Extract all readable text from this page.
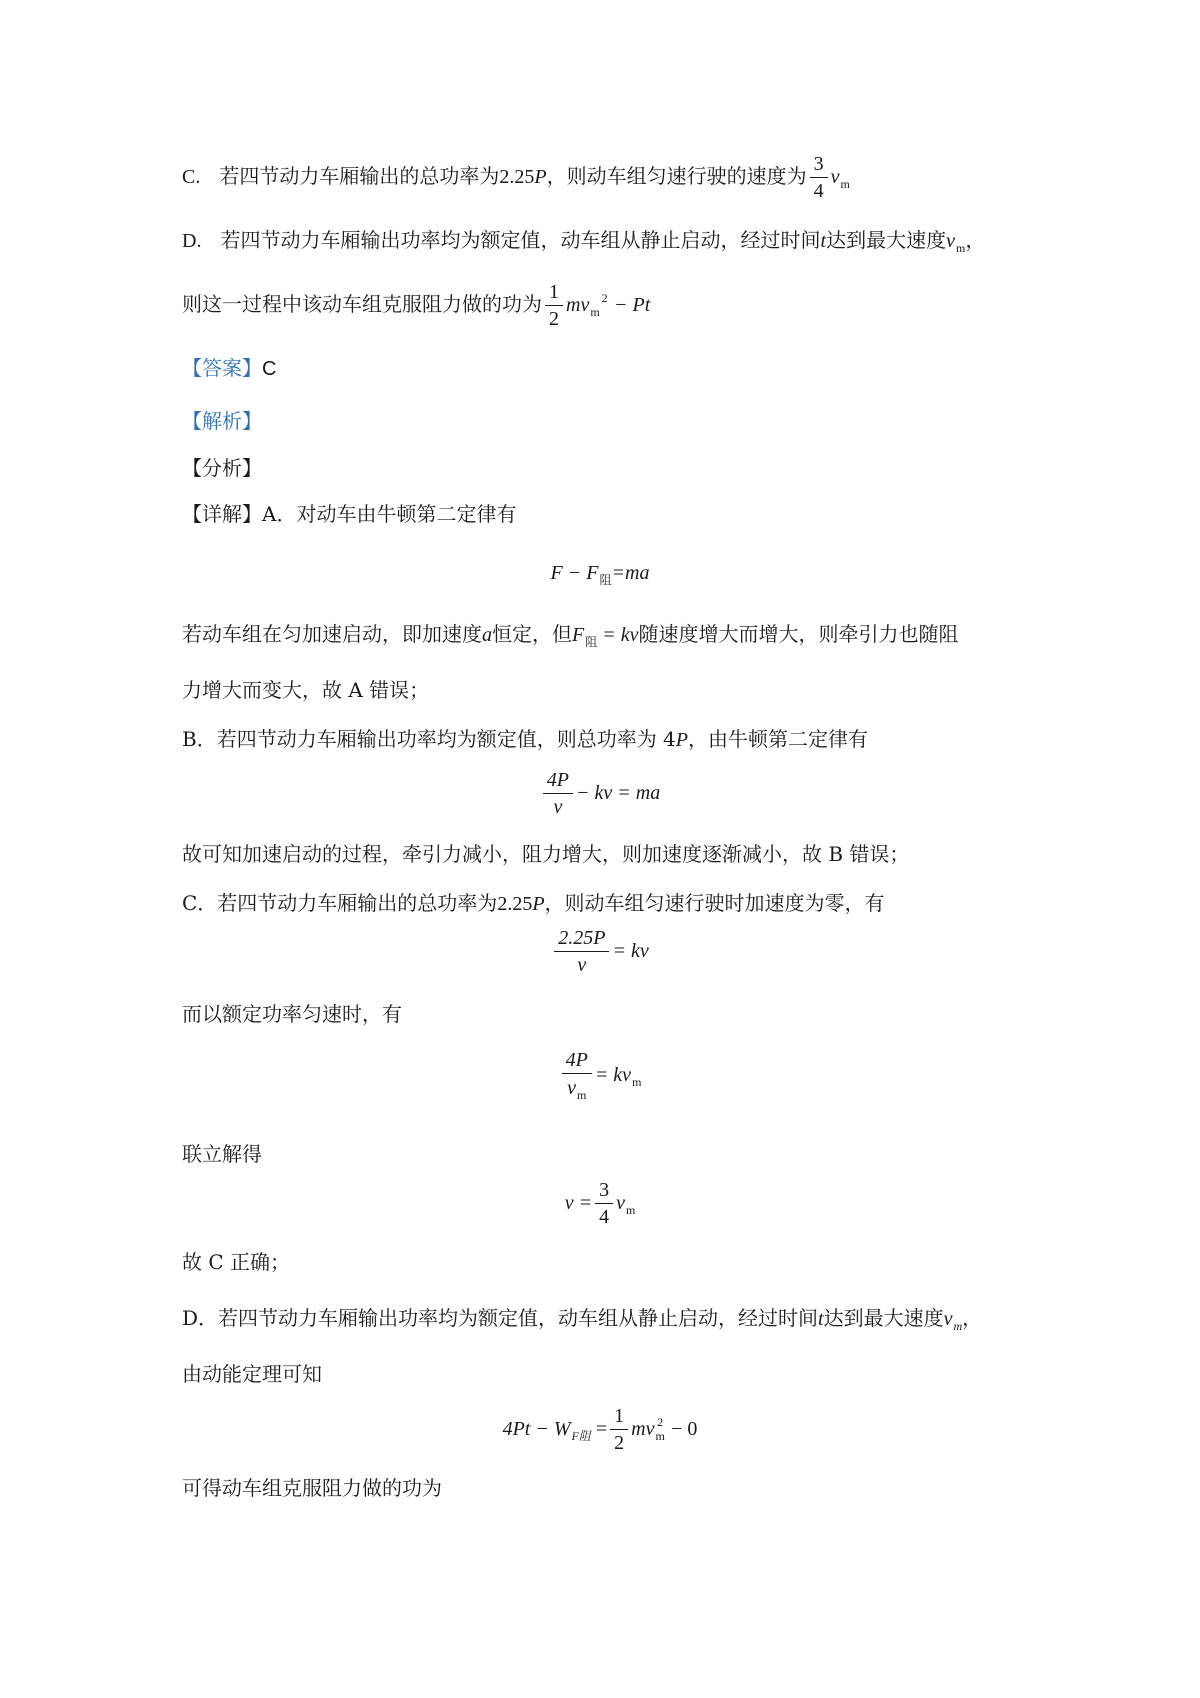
C. 若四节动力车厢输出的总功率为2.25P，则动车组匀速行驶的速度为 $\frac{3}{4} v_m$
D. 若四节动力车厢输出功率均为额定值，动车组从静止启动，经过时间t达到最大速度$v_m$，
则这一过程中该动车组克服阻力做的功为 $\frac{1}{2} mv_m^2 - Pt$
【答案】C
【解析】
【分析】
【详解】A．对动车由牛顿第二定律有
$F - F_阻=ma$
若动车组在匀加速启动，即加速度a恒定，但$F_阻$ = kv随速度增大而增大，则牵引力也随阻
力增大而变大，故 A 错误；
B．若四节动力车厢输出功率均为额定值，则总功率为 4P，由牛顿第二定律有
$\frac{4P}{v}$ − kv = ma
故可知加速启动的过程，牵引力减小，阻力增大，则加速度逐渐减小，故 B 错误；
C．若四节动力车厢输出的总功率为2.25P，则动车组匀速行驶时加速度为零，有
$\frac{2.25P}{v}$ = kv
而以额定功率匀速时，有
$\frac{4P}{v_m} = kv_m$
联立解得
$v = \frac{3}{4} v_m$
故 C 正确；
D．若四节动力车厢输出功率均为额定值，动车组从静止启动，经过时间t达到最大速度$v_m$，
由动能定理可知
$4Pt - W_{F阻} = \frac{1}{2}$ mv 2
m − 0
可得动车组克服阻力做的功为
